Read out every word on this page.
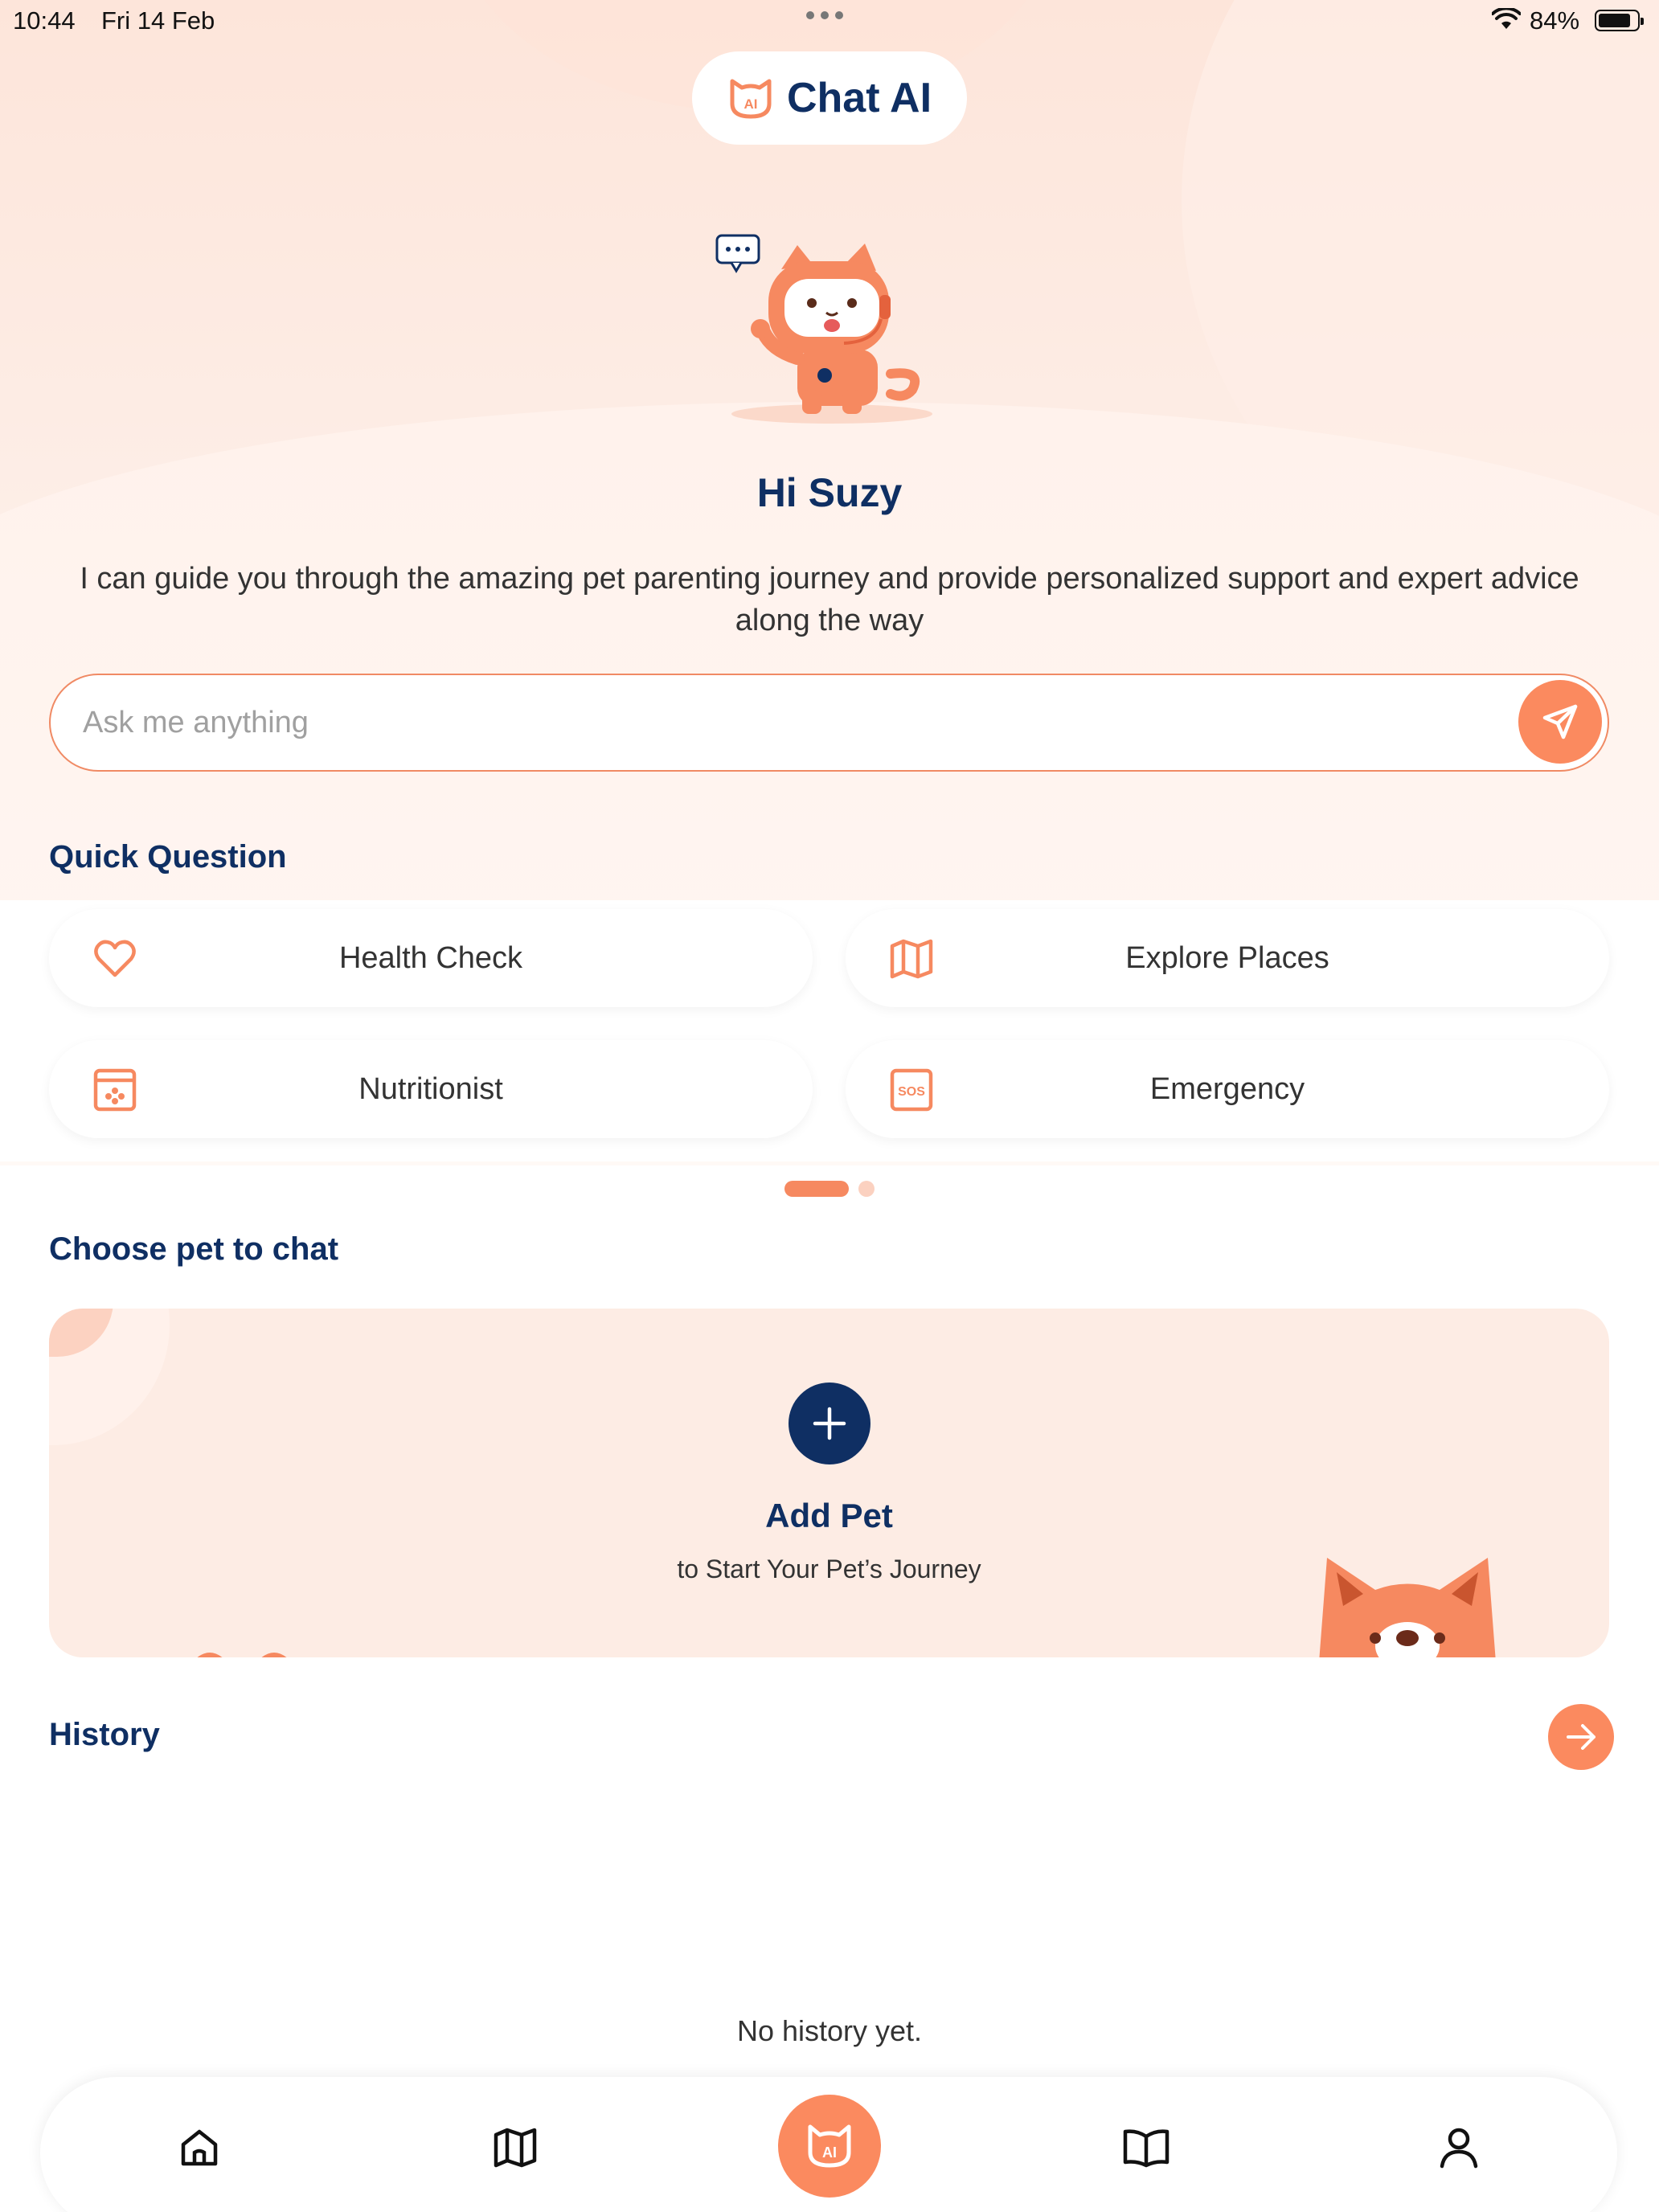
10:44 Fri 14 Feb	84%
AI Chat AI
Hi Suzy
I can guide you through the amazing pet parenting journey and provide personalized support and expert advice along the way
Ask me anything
Quick Question
Health Check	Explore Places
Nutritionist	SOS	Emergency
Choose pet to chat
Add Pet
to Start Your Pet’s Journey
History
No history yet.
AI
